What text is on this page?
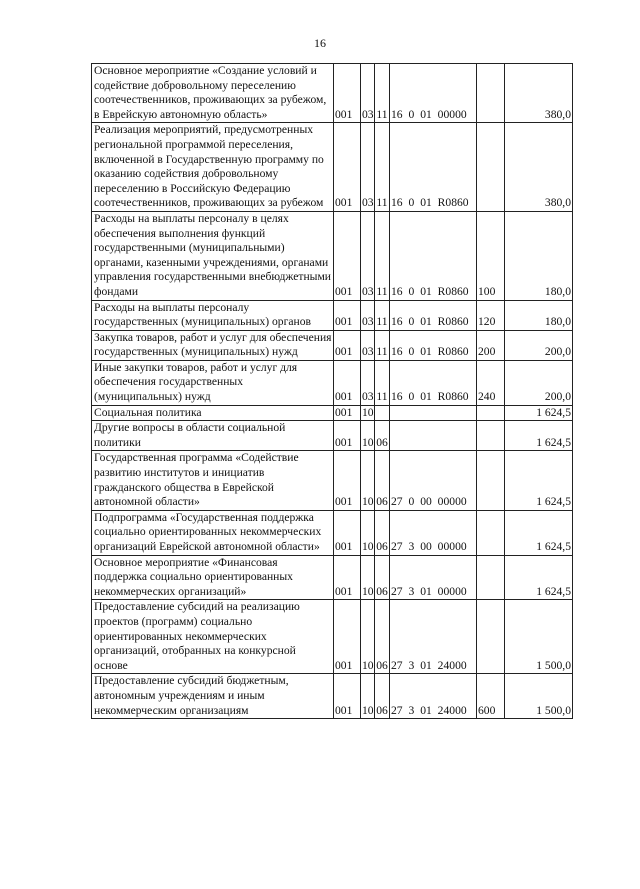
16
Основное мероприятие «Создание условий и содействие добровольному переселению соотечественников, проживающих за рубежом, в Еврейскую автономную область»	001	03	11	16 0 01 00000		380,0
Реализация мероприятий, предусмотренных региональной программой переселения, включенной в Государственную программу по оказанию содействия добровольному переселению в Российскую Федерацию соотечественников, проживающих за рубежом	001	03	11	16 0 01 R0860		380,0
Расходы на выплаты персоналу в целях обеспечения выполнения функций государственными (муниципальными) органами, казенными учреждениями, органами управления государственными внебюджетными фондами	001	03	11	16 0 01 R0860	100	180,0
Расходы на выплаты персоналу государственных (муниципальных) органов	001	03	11	16 0 01 R0860	120	180,0
Закупка товаров, работ и услуг для обеспечения государственных (муниципальных) нужд	001	03	11	16 0 01 R0860	200	200,0
Иные закупки товаров, работ и услуг для обеспечения государственных (муниципальных) нужд	001	03	11	16 0 01 R0860	240	200,0
Социальная политика	001	10				1 624,5
Другие вопросы в области социальной политики	001	10	06			1 624,5
Государственная программа «Содействие развитию институтов и инициатив гражданского общества в Еврейской автономной области»	001	10	06	27 0 00 00000		1 624,5
Подпрограмма «Государственная поддержка социально ориентированных некоммерческих организаций Еврейской автономной области»	001	10	06	27 3 00 00000		1 624,5
Основное мероприятие «Финансовая поддержка социально ориентированных некоммерческих организаций»	001	10	06	27 3 01 00000		1 624,5
Предоставление субсидий на реализацию проектов (программ) социально ориентированных некоммерческих организаций, отобранных на конкурсной основе	001	10	06	27 3 01 24000		1 500,0
Предоставление субсидий бюджетным, автономным учреждениям и иным некоммерческим организациям	001	10	06	27 3 01 24000	600	1 500,0
